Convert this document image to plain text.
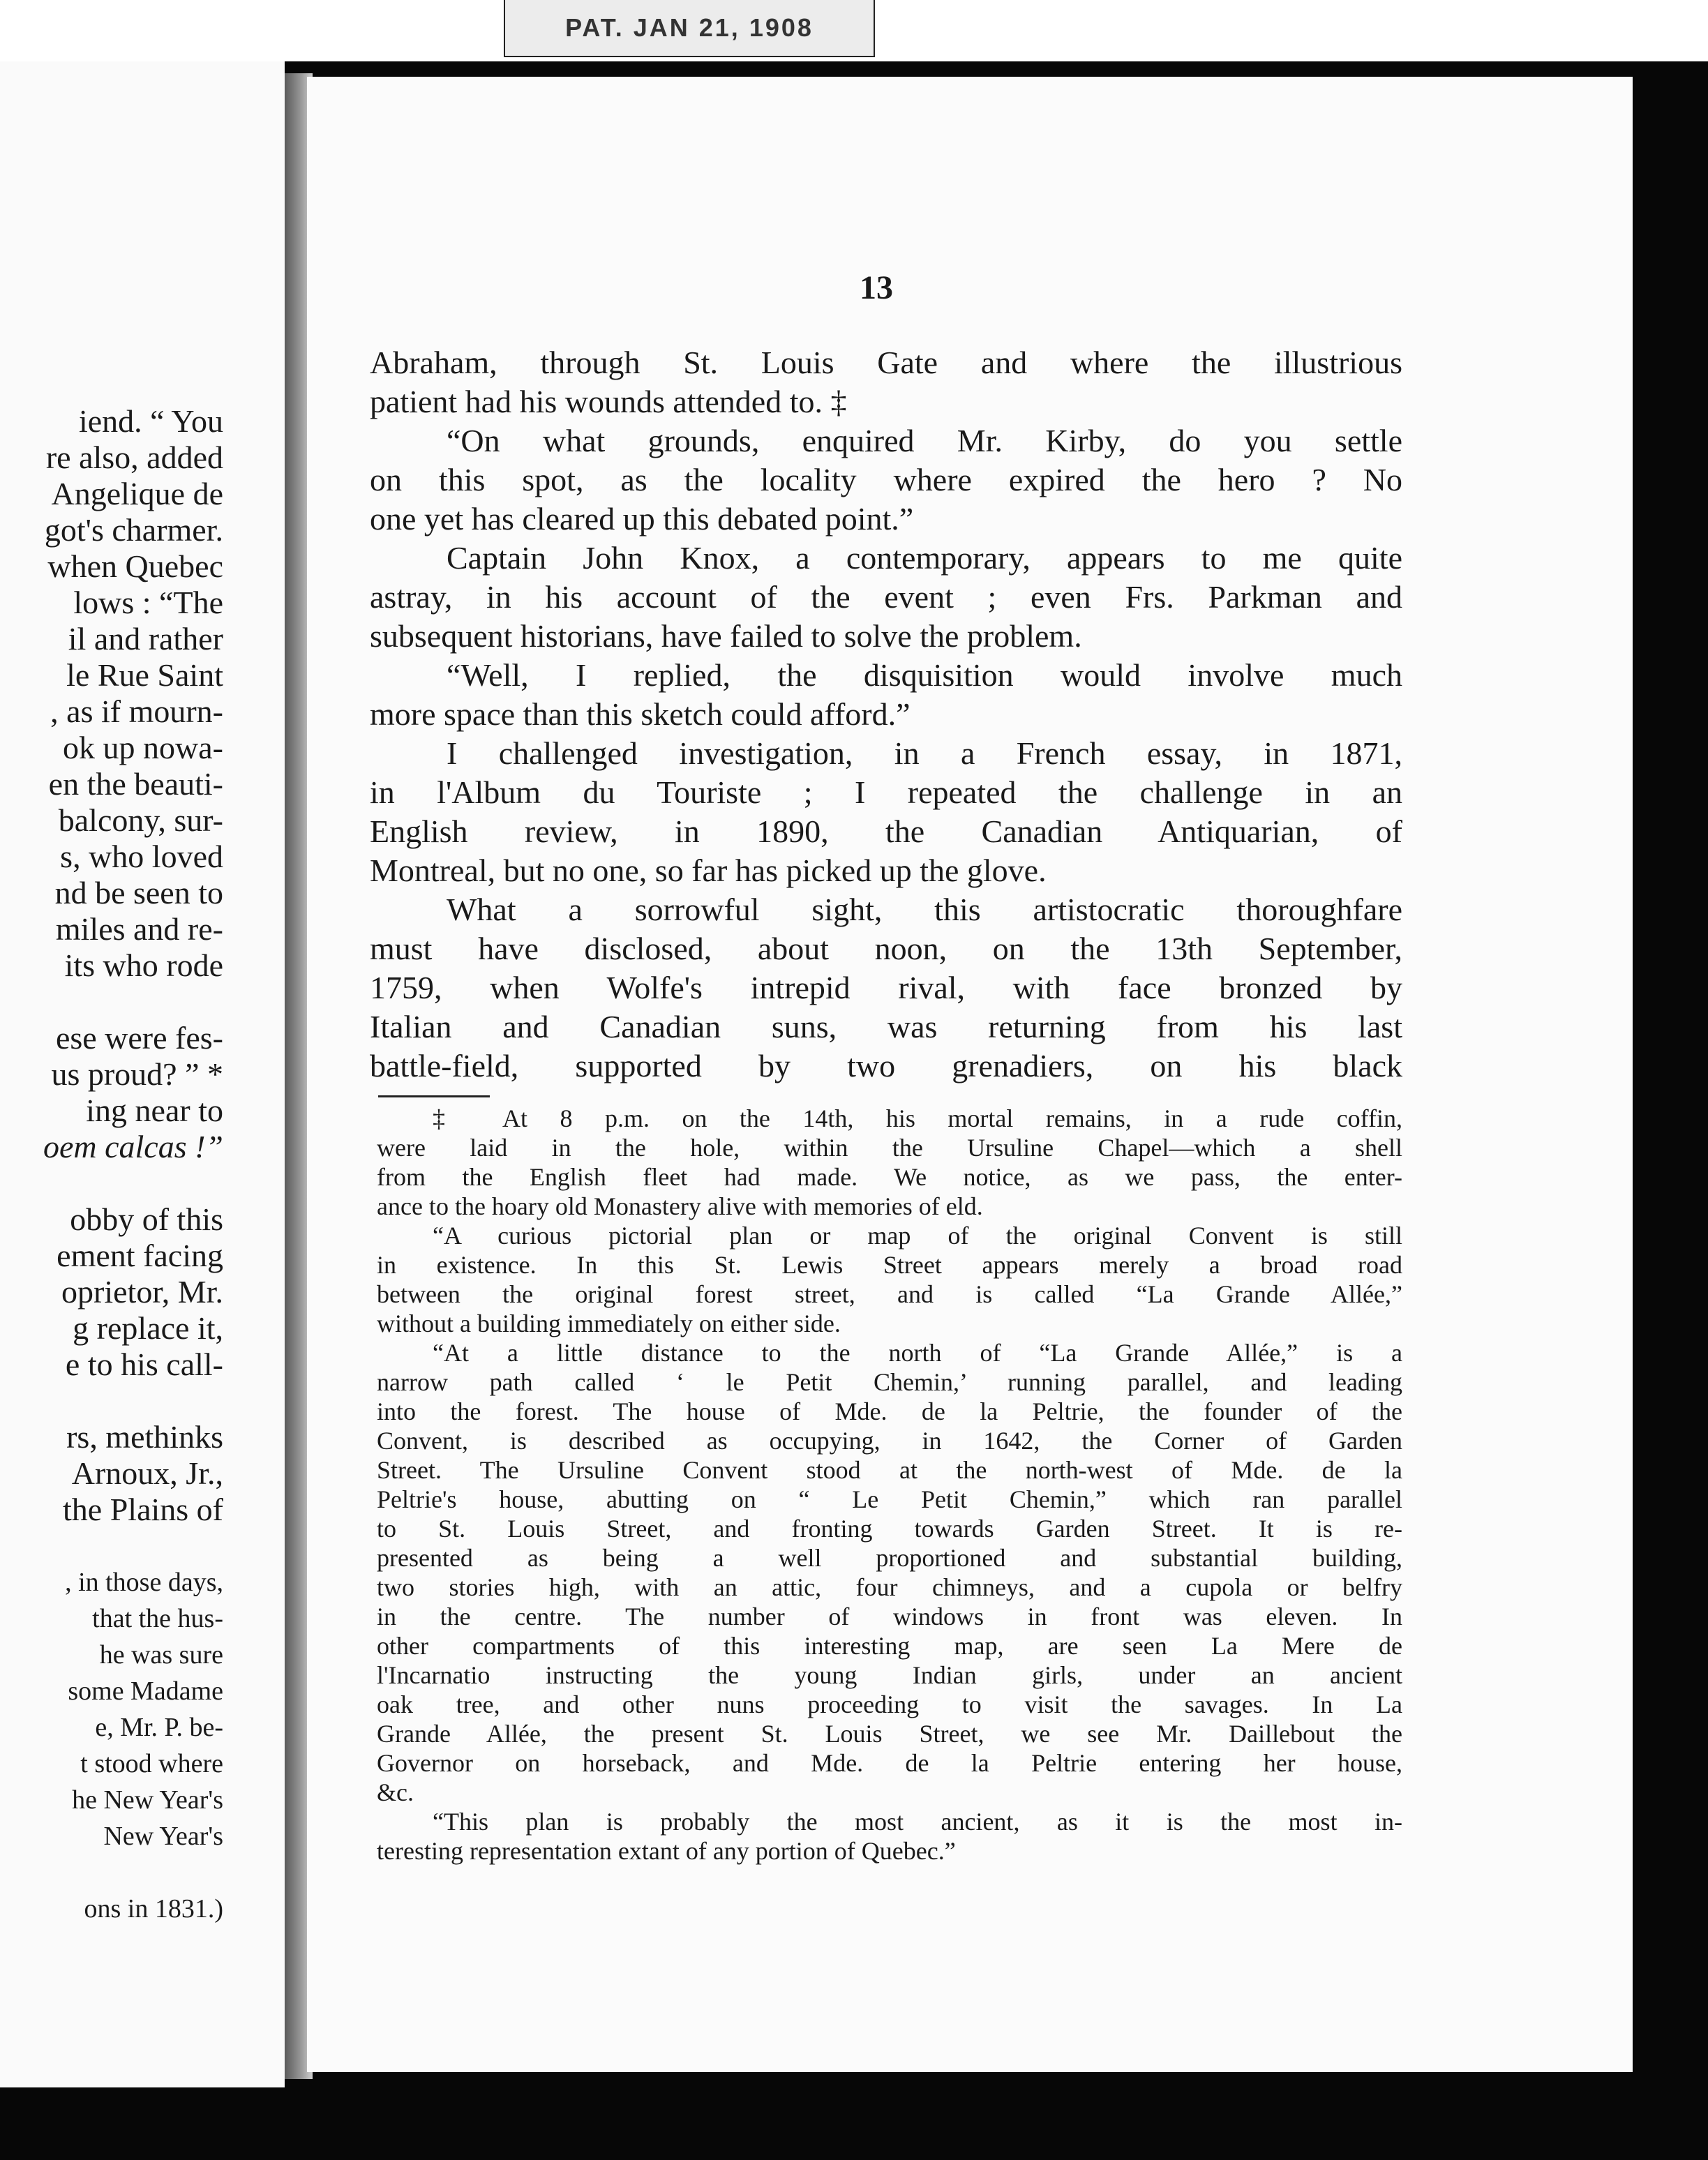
PAT. JAN 21, 1908
iend. “ You
re also, added
Angelique de
got's charmer.
when Quebec
lows : “The
il and rather
le Rue Saint
, as if mourn-
ok up nowa-
en the beauti-
balcony, sur-
s, who loved
nd be seen to
miles and re-
its who rode
ese were fes-
us proud? ” *
ing near to
oem calcas !”
obby of this
ement facing
oprietor, Mr.
g replace it,
e to his call-
rs, methinks
Arnoux, Jr.,
the Plains of
, in those days,
that the hus-
he was sure
some Madame
e, Mr. P. be-
t stood where
he New Year's
New Year's
ons in 1831.)
13
Abraham, through St. Louis Gate and where the illustrious
patient had his wounds attended to. ‡
“On what grounds, enquired Mr. Kirby, do you settle
on this spot, as the locality where expired the hero ? No
one yet has cleared up this debated point.”
Captain John Knox, a contemporary, appears to me quite
astray, in his account of the event ; even Frs. Parkman and
subsequent historians, have failed to solve the problem.
“Well, I replied, the disquisition would involve much
more space than this sketch could afford.”
I challenged investigation, in a French essay, in 1871,
in l'Album du Touriste ; I repeated the challenge in an
English review, in 1890, the Canadian Antiquarian, of
Montreal, but no one, so far has picked up the glove.
What a sorrowful sight, this artistocratic thoroughfare
must have disclosed, about noon, on the 13th September,
1759, when Wolfe's intrepid rival, with face bronzed by
Italian and Canadian suns, was returning from his last
battle-field, supported by two grenadiers, on his black
‡ At 8 p.m. on the 14th, his mortal remains, in a rude coffin,
were laid in the hole, within the Ursuline Chapel—which a shell
from the English fleet had made. We notice, as we pass, the enter-
ance to the hoary old Monastery alive with memories of eld.
“A curious pictorial plan or map of the original Convent is still
in existence. In this St. Lewis Street appears merely a broad road
between the original forest street, and is called “La Grande Allée,”
without a building immediately on either side.
“At a little distance to the north of “La Grande Allée,” is a
narrow path called ‘ le Petit Chemin,’ running parallel, and leading
into the forest. The house of Mde. de la Peltrie, the founder of the
Convent, is described as occupying, in 1642, the Corner of Garden
Street. The Ursuline Convent stood at the north-west of Mde. de la
Peltrie's house, abutting on “ Le Petit Chemin,” which ran parallel
to St. Louis Street, and fronting towards Garden Street. It is re-
presented as being a well proportioned and substantial building,
two stories high, with an attic, four chimneys, and a cupola or belfry
in the centre. The number of windows in front was eleven. In
other compartments of this interesting map, are seen La Mere de
l'Incarnatio instructing the young Indian girls, under an ancient
oak tree, and other nuns proceeding to visit the savages. In La
Grande Allée, the present St. Louis Street, we see Mr. Daillebout the
Governor on horseback, and Mde. de la Peltrie entering her house,
&c.
“This plan is probably the most ancient, as it is the most in-
teresting representation extant of any portion of Quebec.”
